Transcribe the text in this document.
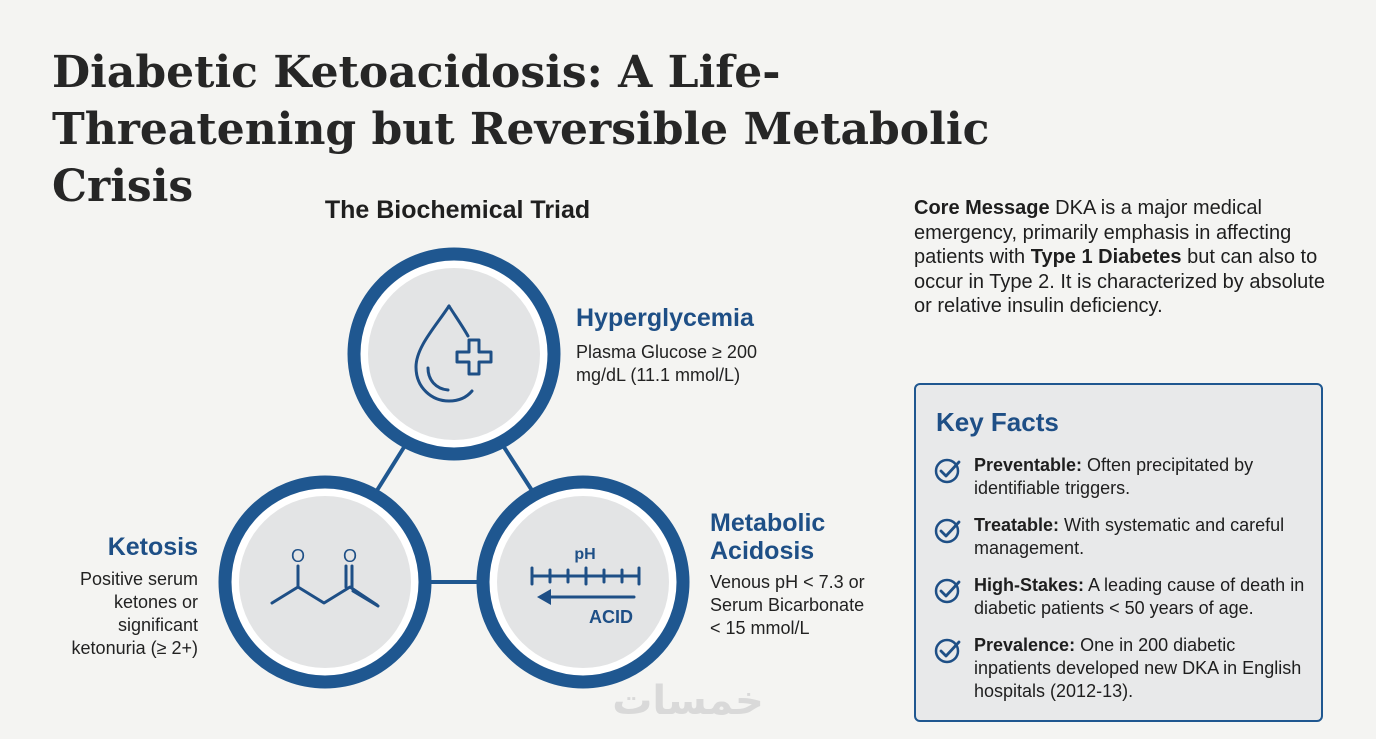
Diabetic Ketoacidosis: A Life-Threatening but Reversible Metabolic Crisis	The Biochemical Triad
O O	pH
ACID
Hyperglycemia
Plasma Glucose ≥ 200 mg/dL (11.1 mmol/L)
Ketosis
Positive serum ketones or significant ketonuria (≥ 2+)
Metabolic Acidosis
Venous pH < 7.3 or Serum Bicarbonate < 15 mmol/L
Core Message DKA is a major medical emergency, primarily emphasis in affecting patients with Type 1 Diabetes but can also to occur in Type 2. It is characterized by absolute or relative insulin deficiency.
Key Facts
Preventable: Often precipitated by identifiable triggers.
Treatable: With systematic and careful management.
High-Stakes: A leading cause of death in diabetic patients < 50 years of age.
Prevalence: One in 200 diabetic inpatients developed new DKA in English hospitals (2012-13).
خمسات
